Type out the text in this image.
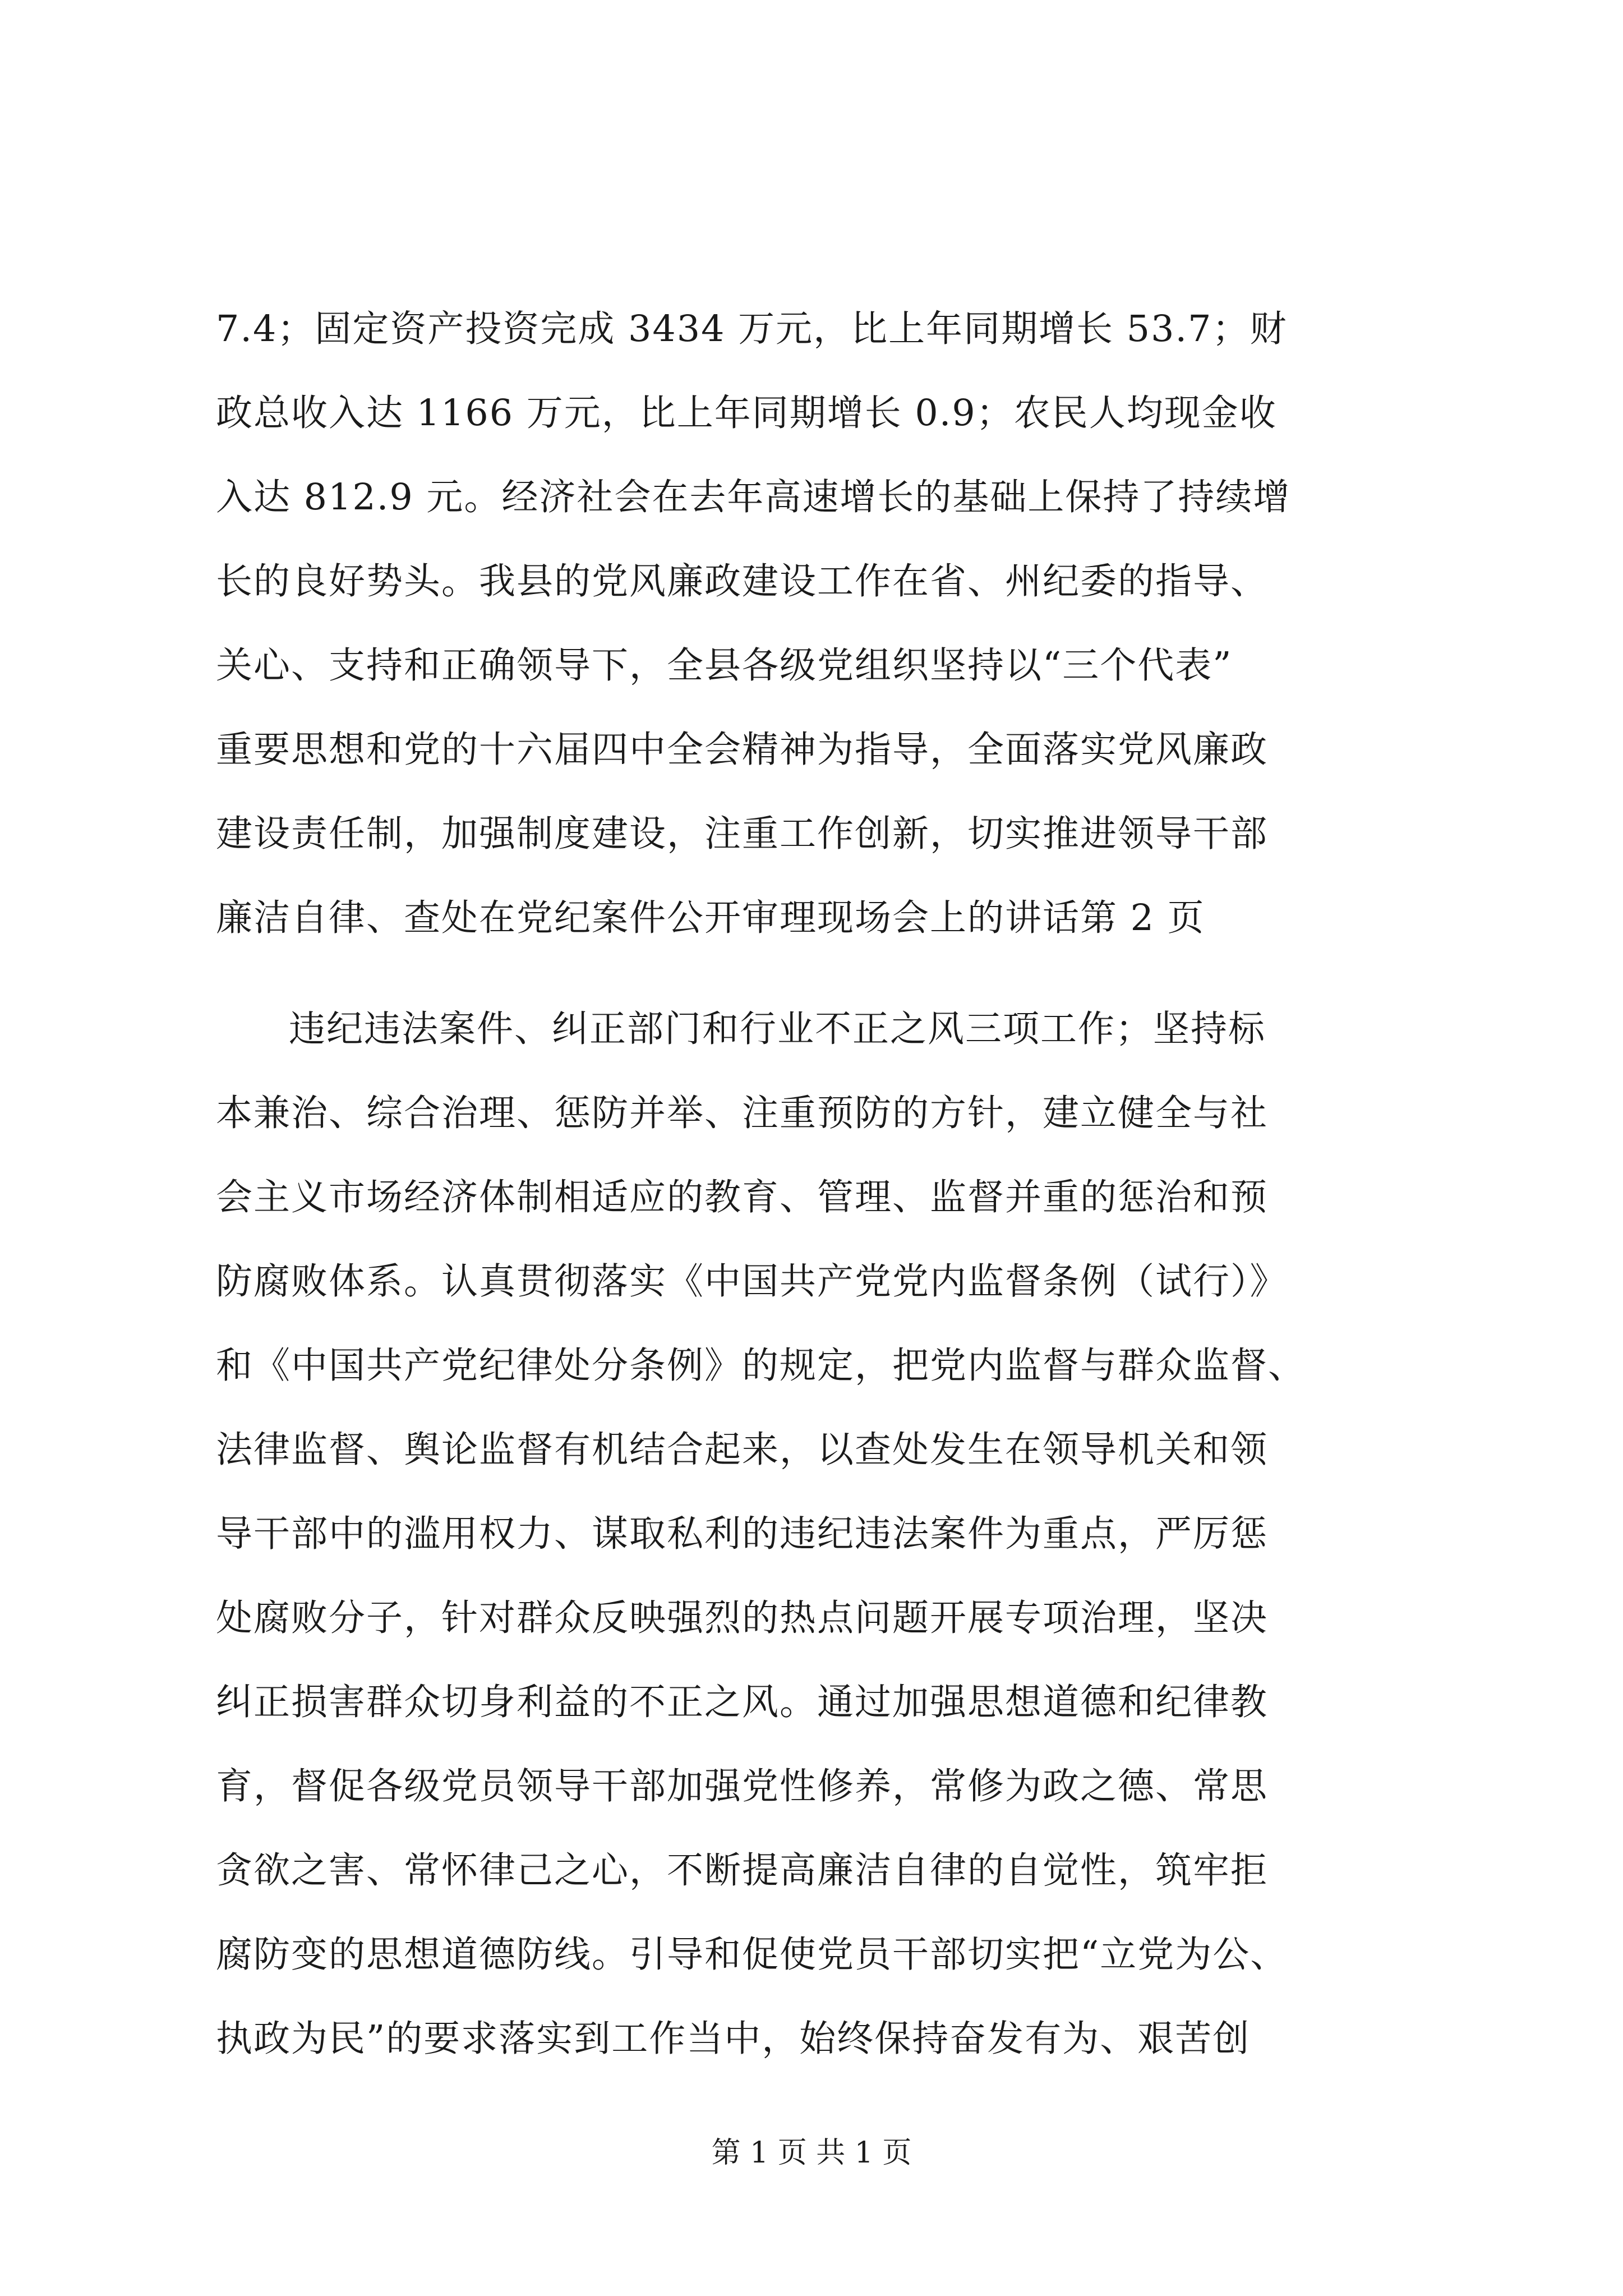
7.4；固定资产投资完成 3434 万元，比上年同期增长 53.7；财
政总收入达 1166 万元，比上年同期增长 0.9；农民人均现金收
入达 812.9 元。经济社会在去年高速增长的基础上保持了持续增
长的良好势头。我县的党风廉政建设工作在省、州纪委的指导、
关心、支持和正确领导下，全县各级党组织坚持以“三个代表”
重要思想和党的十六届四中全会精神为指导，全面落实党风廉政
建设责任制，加强制度建设，注重工作创新，切实推进领导干部
廉洁自律、查处在党纪案件公开审理现场会上的讲话第 2 页
违纪违法案件、纠正部门和行业不正之风三项工作；坚持标
本兼治、综合治理、惩防并举、注重预防的方针，建立健全与社
会主义市场经济体制相适应的教育、管理、监督并重的惩治和预
防腐败体系。认真贯彻落实《中国共产党党内监督条例（试行）》
和《中国共产党纪律处分条例》的规定，把党内监督与群众监督、
法律监督、舆论监督有机结合起来，以查处发生在领导机关和领
导干部中的滥用权力、谋取私利的违纪违法案件为重点，严厉惩
处腐败分子，针对群众反映强烈的热点问题开展专项治理，坚决
纠正损害群众切身利益的不正之风。通过加强思想道德和纪律教
育，督促各级党员领导干部加强党性修养，常修为政之德、常思
贪欲之害、常怀律己之心，不断提高廉洁自律的自觉性，筑牢拒
腐防变的思想道德防线。引导和促使党员干部切实把“立党为公、
执政为民”的要求落实到工作当中，始终保持奋发有为、艰苦创
第 1 页 共 1 页
